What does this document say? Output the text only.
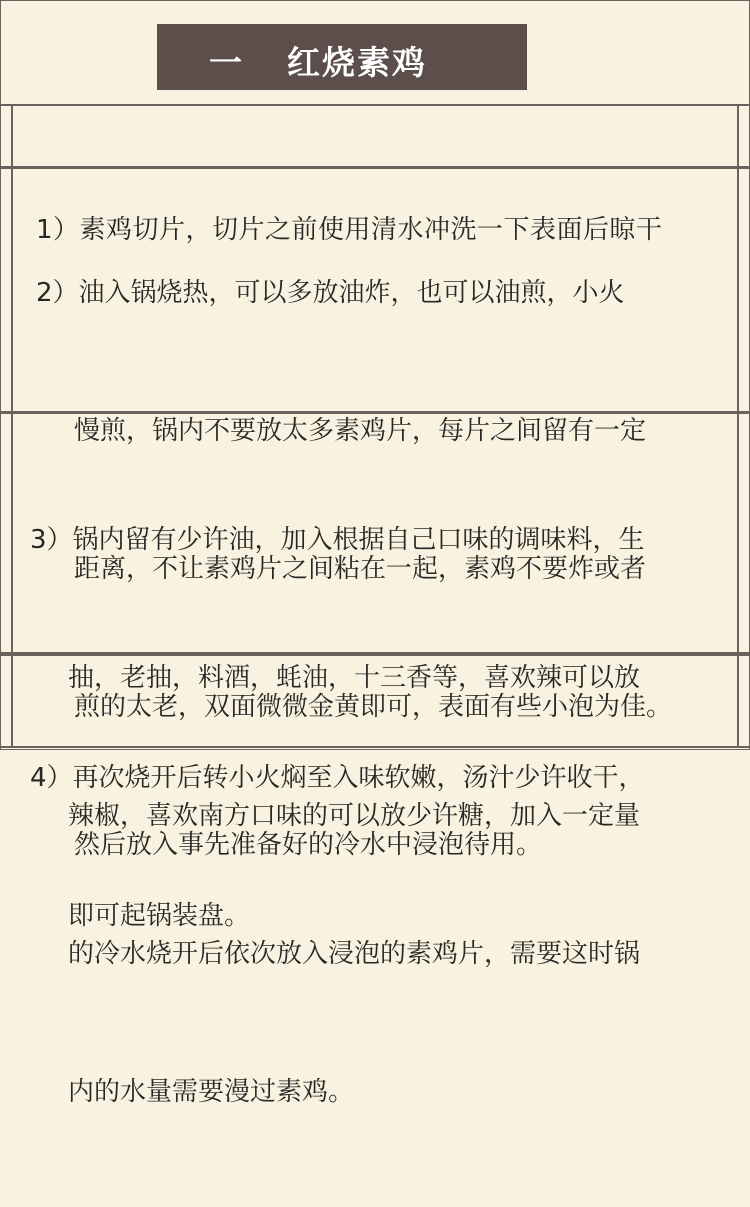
一 红烧素鸡

1）素鸡切片，切片之前使用清水冲洗一下表面后晾干

2）油入锅烧热，可以多放油炸，也可以油煎，小火

慢煎，锅内不要放太多素鸡片，每片之间留有一定

距离，不让素鸡片之间粘在一起，素鸡不要炸或者

煎的太老，双面微微金黄即可，表面有些小泡为佳。

然后放入事先准备好的冷水中浸泡待用。

3）锅内留有少许油，加入根据自己口味的调味料，生

抽，老抽，料酒，蚝油，十三香等，喜欢辣可以放

辣椒，喜欢南方口味的可以放少许糖，加入一定量

的冷水烧开后依次放入浸泡的素鸡片，需要这时锅

内的水量需要漫过素鸡。

4）再次烧开后转小火焖至入味软嫩，汤汁少许收干，

即可起锅装盘。
